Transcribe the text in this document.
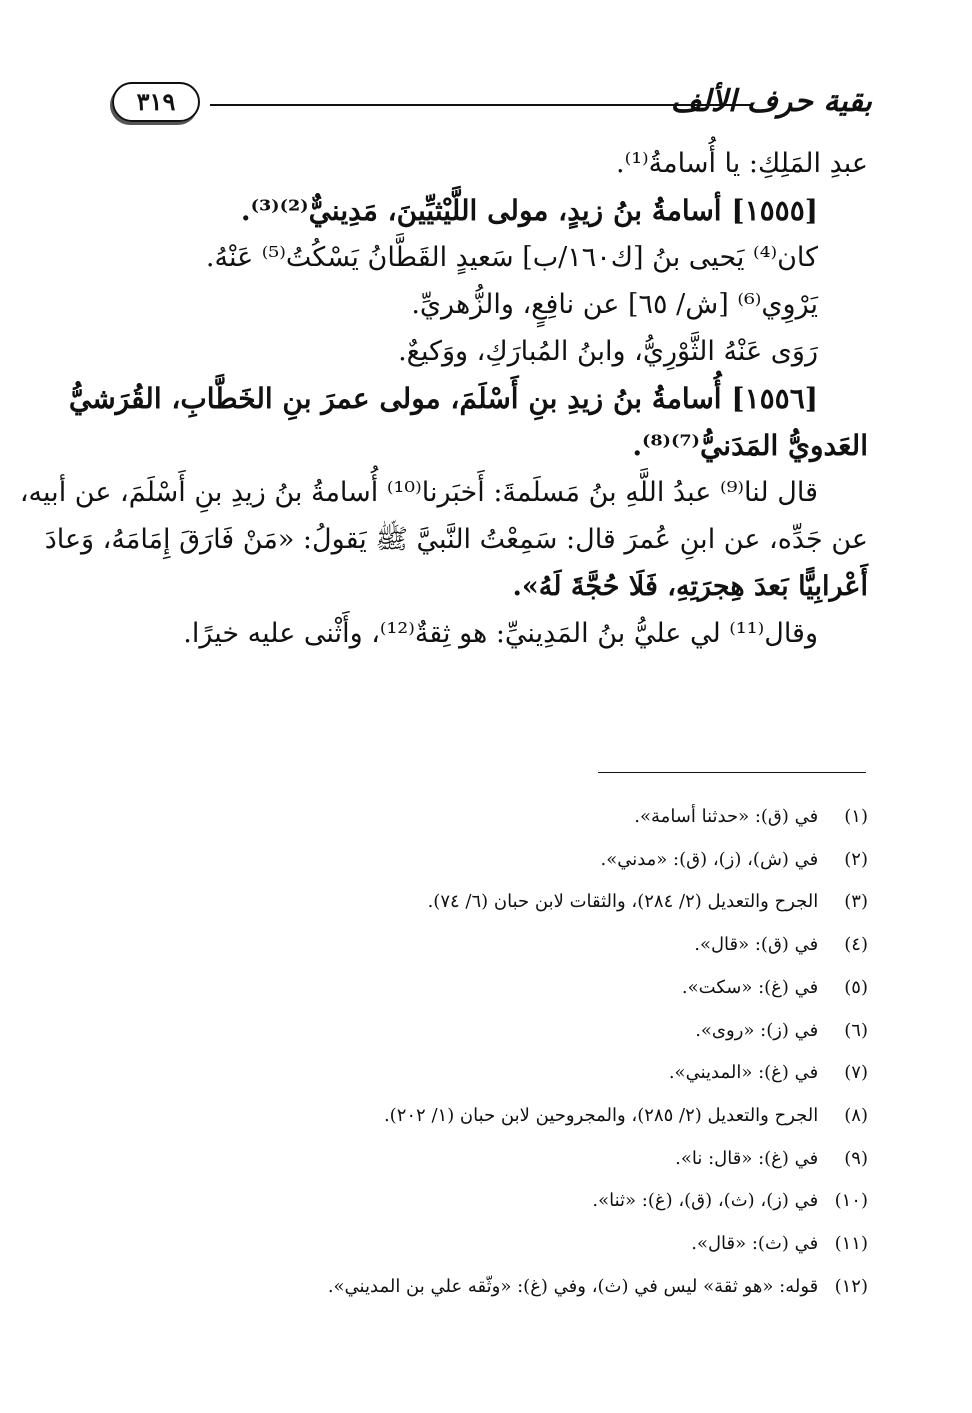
٣١٩	بقية حرف الألف

عبدِ المَلِكِ: يا أُسامةُ⁽¹⁾.

[١٥٥٥] أسامةُ بنُ زيدٍ، مولى اللَّيْثيِّينَ، مَدِينيٌّ⁽²⁾⁽³⁾.

كان⁽⁴⁾ يَحيى بنُ [ك١٦٠/ب] سَعيدٍ القَطَّانُ يَسْكُتُ⁽⁵⁾ عَنْهُ.

يَرْوِي⁽⁶⁾ [ش/ ٦٥] عن نافِعٍ، والزُّهريِّ.

رَوَى عَنْهُ الثَّوْرِيُّ، وابنُ المُبارَكِ، ووَكيعٌ.

[١٥٥٦] أُسامةُ بنُ زيدِ بنِ أَسْلَمَ، مولى عمرَ بنِ الخَطَّابِ، القُرَشيُّ

العَدويُّ المَدَنيُّ⁽⁷⁾⁽⁸⁾.

قال لنا⁽⁹⁾ عبدُ اللَّهِ بنُ مَسلَمةَ: أَخبَرنا⁽¹⁰⁾ أُسامةُ بنُ زيدِ بنِ أَسْلَمَ، عن أبيه،

عن جَدِّه، عن ابنِ عُمرَ قال: سَمِعْتُ النَّبيَّ ﷺ يَقولُ: «مَنْ فَارَقَ إِمَامَهُ، وَعادَ

أَعْرابِيًّا بَعدَ هِجرَتِهِ، فَلَا حُجَّةَ لَهُ».

وقال⁽¹¹⁾ لي عليُّ بنُ المَدِينيِّ: هو ثِقةٌ⁽¹²⁾، وأَثْنى عليه خيرًا.

(١) في (ق): «حدثنا أسامة».

(٢) في (ش)، (ز)، (ق): «مدني».

(٣) الجرح والتعديل (٢/ ٢٨٤)، والثقات لابن حبان (٦/ ٧٤).

(٤) في (ق): «قال».

(٥) في (غ): «سكت».

(٦) في (ز): «روى».

(٧) في (غ): «المديني».

(٨) الجرح والتعديل (٢/ ٢٨٥)، والمجروحين لابن حبان (١/ ٢٠٢).

(٩) في (غ): «قال: نا».

(١٠) في (ز)، (ث)، (ق)، (غ): «ثنا».

(١١) في (ث): «قال».

(١٢) قوله: «هو ثقة» ليس في (ث)، وفي (غ): «وثّقه علي بن المديني».
